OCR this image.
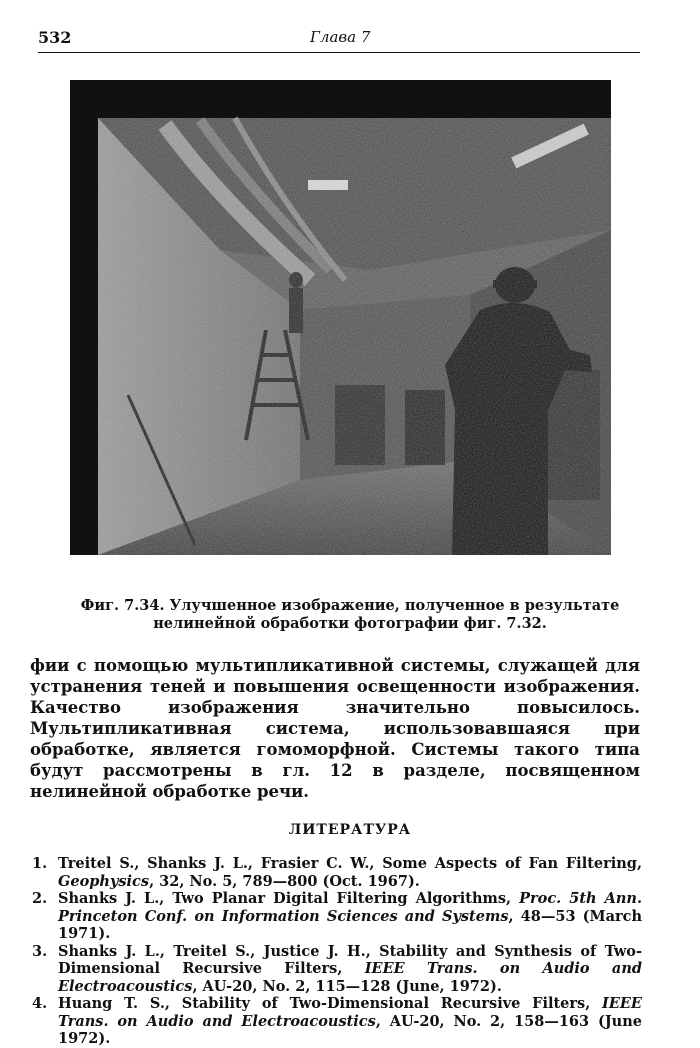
532	Глава 7
Фиг. 7.34. Улучшенное изображение, полученное в результате нелинейной обработки фотографии фиг. 7.32.

фии с помощью мультипликативной системы, служащей для устранения теней и повышения освещенности изображения. Качество изображения значительно повысилось. Мультипликативная система, использовавшаяся при обработке, является гомоморфной. Системы такого типа будут рассмотрены в гл. 12 в разделе, посвященном нелинейной обработке речи.

ЛИТЕРАТУРА
1. Treitel S., Shanks J. L., Frasier C. W., Some Aspects of Fan Filtering, Geophysics, 32, No. 5, 789—800 (Oct. 1967).
2. Shanks J. L., Two Planar Digital Filtering Algorithms, Proc. 5th Ann. Princeton Conf. on Information Sciences and Systems, 48—53 (March 1971).
3. Shanks J. L., Treitel S., Justice J. H., Stability and Synthesis of Two-Dimensional Recursive Filters, IEEE Trans. on Audio and Electroacoustics, AU-20, No. 2, 115—128 (June, 1972).
4. Huang T. S., Stability of Two-Dimensional Recursive Filters, IEEE Trans. on Audio and Electroacoustics, AU-20, No. 2, 158—163 (June 1972).
